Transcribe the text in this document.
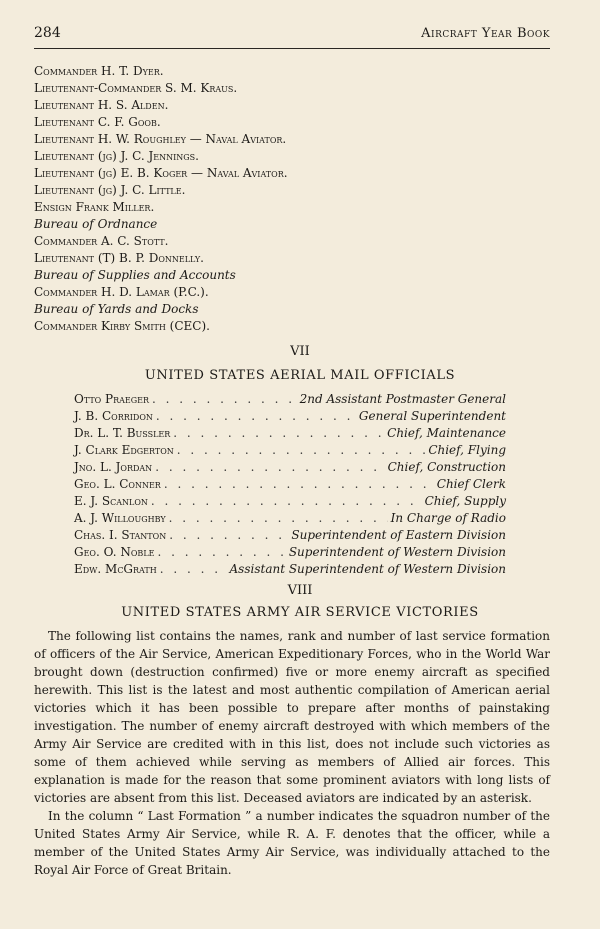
284	Aircraft Year Book
Commander H. T. Dyer.
Lieutenant-Commander S. M. Kraus.
Lieutenant H. S. Alden.
Lieutenant C. F. Goob.
Lieutenant H. W. Roughley — Naval Aviator.
Lieutenant (jg) J. C. Jennings.
Lieutenant (jg) E. B. Koger — Naval Aviator.
Lieutenant (jg) J. C. Little.
Ensign Frank Miller.
Bureau of Ordnance
Commander A. C. Stott.
Lieutenant (T) B. P. Donnelly.
Bureau of Supplies and Accounts
Commander H. D. Lamar (P.C.).
Bureau of Yards and Docks
Commander Kirby Smith (CEC).
VII
UNITED STATES AERIAL MAIL OFFICIALS
Otto Praeger . . .	2nd Assistant Postmaster General
J. B. Corridon . . .	General Superintendent
Dr. L. T. Bussler . . .	Chief, Maintenance
J. Clark Edgerton . . .	Chief, Flying
Jno. L. Jordan . . .	Chief, Construction
Geo. L. Conner . . .	Chief Clerk
E. J. Scanlon . . .	Chief, Supply
A. J. Willoughby . . .	In Charge of Radio
Chas. I. Stanton . . .	Superintendent of Eastern Division
Geo. O. Noble . . .	Superintendent of Western Division
Edw. McGrath . . .	Assistant Superintendent of Western Division
VIII
UNITED STATES ARMY AIR SERVICE VICTORIES

The following list contains the names, rank and number of last service formation of officers of the Air Service, American Expeditionary Forces, who in the World War brought down (destruction confirmed) five or more enemy aircraft as specified herewith. This list is the latest and most authentic compilation of American aerial victories which it has been possible to prepare after months of painstaking investigation. The number of enemy aircraft destroyed with which members of the Army Air Service are credited with in this list, does not include such victories as some of them achieved while serving as members of Allied air forces. This explanation is made for the reason that some prominent aviators with long lists of victories are absent from this list. Deceased aviators are indicated by an asterisk.

In the column “ Last Formation ” a number indicates the squadron number of the United States Army Air Service, while R. A. F. denotes that the officer, while a member of the United States Army Air Service, was individually attached to the Royal Air Force of Great Britain.
